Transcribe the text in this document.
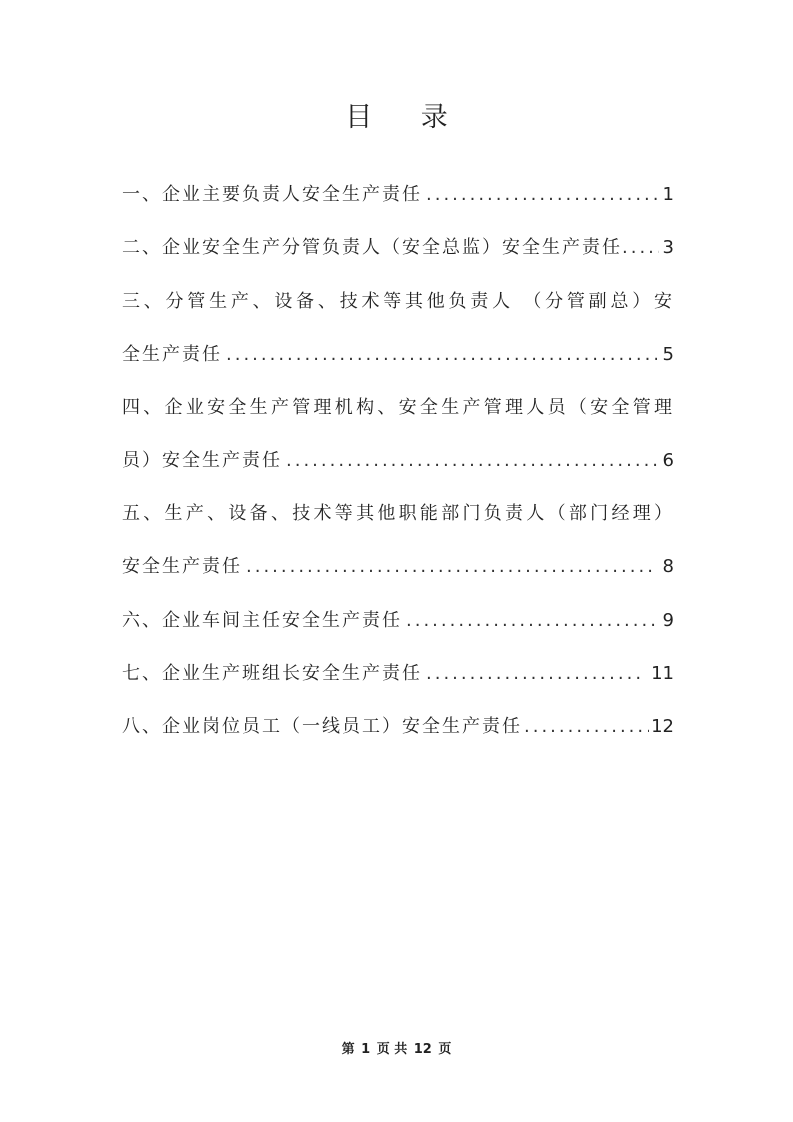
目 录
一、企业主要负责人安全生产责任 .....	1
二、企业安全生产分管负责人（安全总监）安全生产责任 ..... 3
三、分管生产、设备、技术等其他负责人 （分管副总）安
全生产责任 .....	5
四、企业安全生产管理机构、安全生产管理人员（安全管理
员）安全生产责任 .....	6
五、生产、设备、技术等其他职能部门负责人（部门经理）
安全生产责任 .....	8
六、企业车间主任安全生产责任 .....	9
七、企业生产班组长安全生产责任 .....	11
八、企业岗位员工（一线员工）安全生产责任 .....	12
第 1 页 共 12 页
